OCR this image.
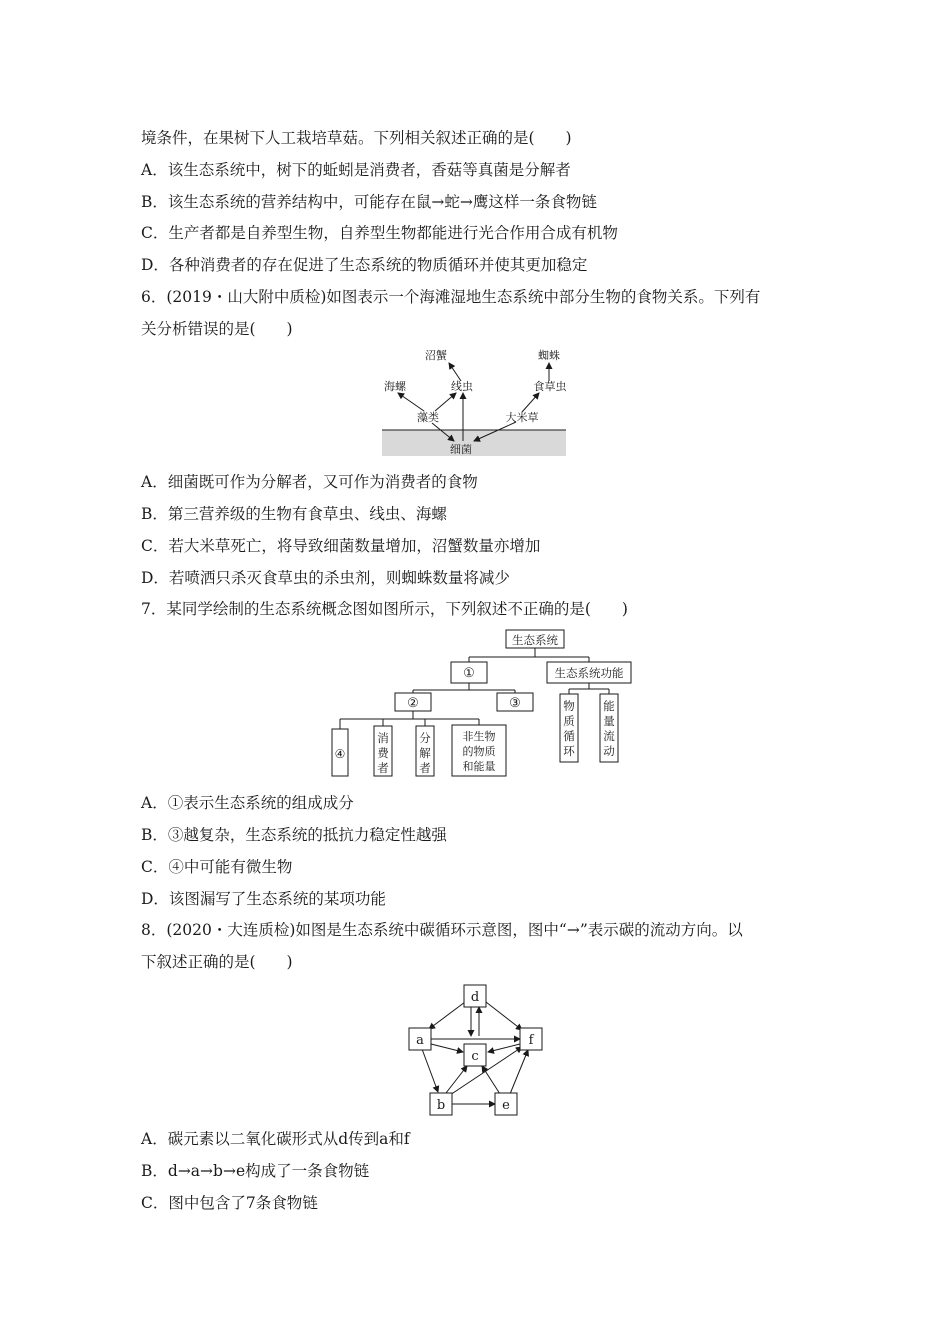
境条件，在果树下人工栽培草菇。下列相关叙述正确的是(　　)
A．该生态系统中，树下的蚯蚓是消费者，香菇等真菌是分解者
B．该生态系统的营养结构中，可能存在鼠→蛇→鹰这样一条食物链
C．生产者都是自养型生物，自养型生物都能进行光合作用合成有机物
D．各种消费者的存在促进了生态系统的物质循环并使其更加稳定
6．(2019・山大附中质检)如图表示一个海滩湿地生态系统中部分生物的食物关系。下列有
关分析错误的是(　　)
沼蟹	蜘蛛
海螺	线虫	食草虫
藻类	大米草
细菌
A．细菌既可作为分解者，又可作为消费者的食物
B．第三营养级的生物有食草虫、线虫、海螺
C．若大米草死亡，将导致细菌数量增加，沼蟹数量亦增加
D．若喷洒只杀灭食草虫的杀虫剂，则蜘蛛数量将减少
7．某同学绘制的生态系统概念图如图所示，下列叙述不正确的是(　　)
生态系统
①	生态系统功能
②	③
④
消
费
者
分
解
者
非生物
的物质
和能量
物
质
循
环
能
量
流
动
A．①表示生态系统的组成成分
B．③越复杂，生态系统的抵抗力稳定性越强
C．④中可能有微生物
D．该图漏写了生态系统的某项功能
8．(2020・大连质检)如图是生态系统中碳循环示意图，图中“→”表示碳的流动方向。以
下叙述正确的是(　　)
d
a
c
f
b	e
A．碳元素以二氧化碳形式从d传到a和f
B．d→a→b→e构成了一条食物链
C．图中包含了7条食物链
